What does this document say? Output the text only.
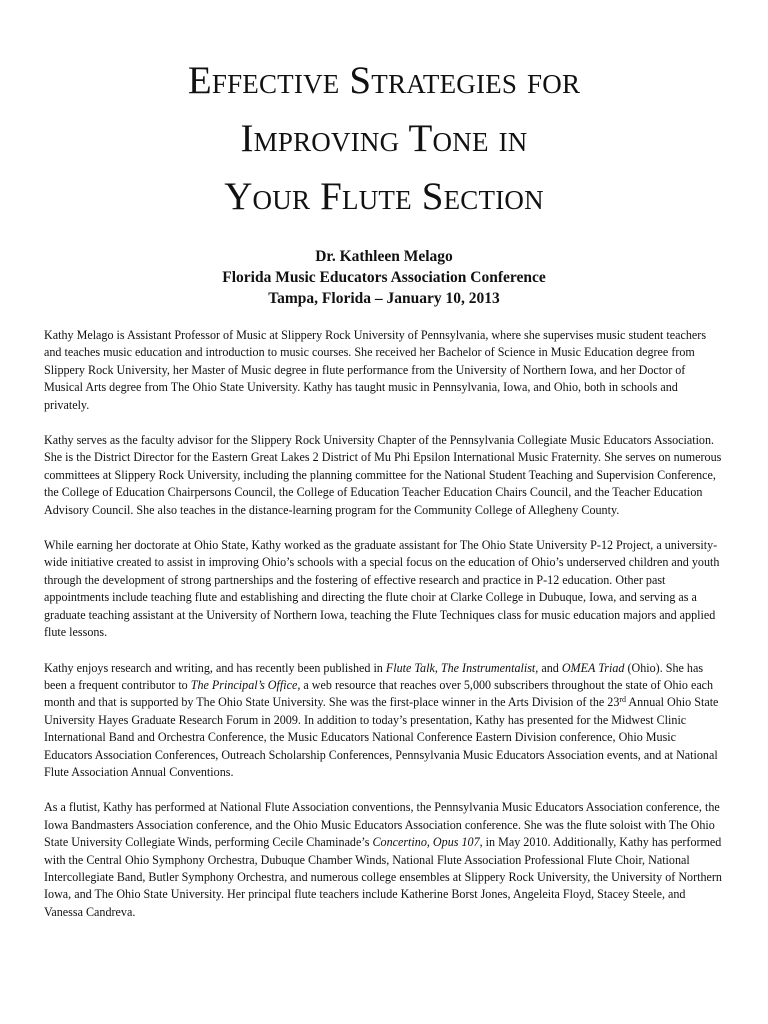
Effective Strategies for
Improving Tone in
Your Flute Section
Dr. Kathleen Melago
Florida Music Educators Association Conference
Tampa, Florida – January 10, 2013

Kathy Melago is Assistant Professor of Music at Slippery Rock University of Pennsylvania, where she supervises music student teachers and teaches music education and introduction to music courses. She received her Bachelor of Science in Music Education degree from Slippery Rock University, her Master of Music degree in flute performance from the University of Northern Iowa, and her Doctor of Musical Arts degree from The Ohio State University. Kathy has taught music in Pennsylvania, Iowa, and Ohio, both in schools and privately.

Kathy serves as the faculty advisor for the Slippery Rock University Chapter of the Pennsylvania Collegiate Music Educators Association. She is the District Director for the Eastern Great Lakes 2 District of Mu Phi Epsilon International Music Fraternity. She serves on numerous committees at Slippery Rock University, including the planning committee for the National Student Teaching and Supervision Conference, the College of Education Chairpersons Council, the College of Education Teacher Education Chairs Council, and the Teacher Education Advisory Council. She also teaches in the distance-learning program for the Community College of Allegheny County.

While earning her doctorate at Ohio State, Kathy worked as the graduate assistant for The Ohio State University P-12 Project, a university-wide initiative created to assist in improving Ohio’s schools with a special focus on the education of Ohio’s underserved children and youth through the development of strong partnerships and the fostering of effective research and practice in P-12 education. Other past appointments include teaching flute and establishing and directing the flute choir at Clarke College in Dubuque, Iowa, and serving as a graduate teaching assistant at the University of Northern Iowa, teaching the Flute Techniques class for music education majors and applied flute lessons.

Kathy enjoys research and writing, and has recently been published in Flute Talk, The Instrumentalist, and OMEA Triad (Ohio). She has been a frequent contributor to The Principal’s Office, a web resource that reaches over 5,000 subscribers throughout the state of Ohio each month and that is supported by The Ohio State University. She was the first-place winner in the Arts Division of the 23rd Annual Ohio State University Hayes Graduate Research Forum in 2009. In addition to today’s presentation, Kathy has presented for the Midwest Clinic International Band and Orchestra Conference, the Music Educators National Conference Eastern Division conference, Ohio Music Educators Association Conferences, Outreach Scholarship Conferences, Pennsylvania Music Educators Association events, and at National Flute Association Annual Conventions.

As a flutist, Kathy has performed at National Flute Association conventions, the Pennsylvania Music Educators Association conference, the Iowa Bandmasters Association conference, and the Ohio Music Educators Association conference. She was the flute soloist with The Ohio State University Collegiate Winds, performing Cecile Chaminade’s Concertino, Opus 107, in May 2010. Additionally, Kathy has performed with the Central Ohio Symphony Orchestra, Dubuque Chamber Winds, National Flute Association Professional Flute Choir, National Intercollegiate Band, Butler Symphony Orchestra, and numerous college ensembles at Slippery Rock University, the University of Northern Iowa, and The Ohio State University. Her principal flute teachers include Katherine Borst Jones, Angeleita Floyd, Stacey Steele, and Vanessa Candreva.
